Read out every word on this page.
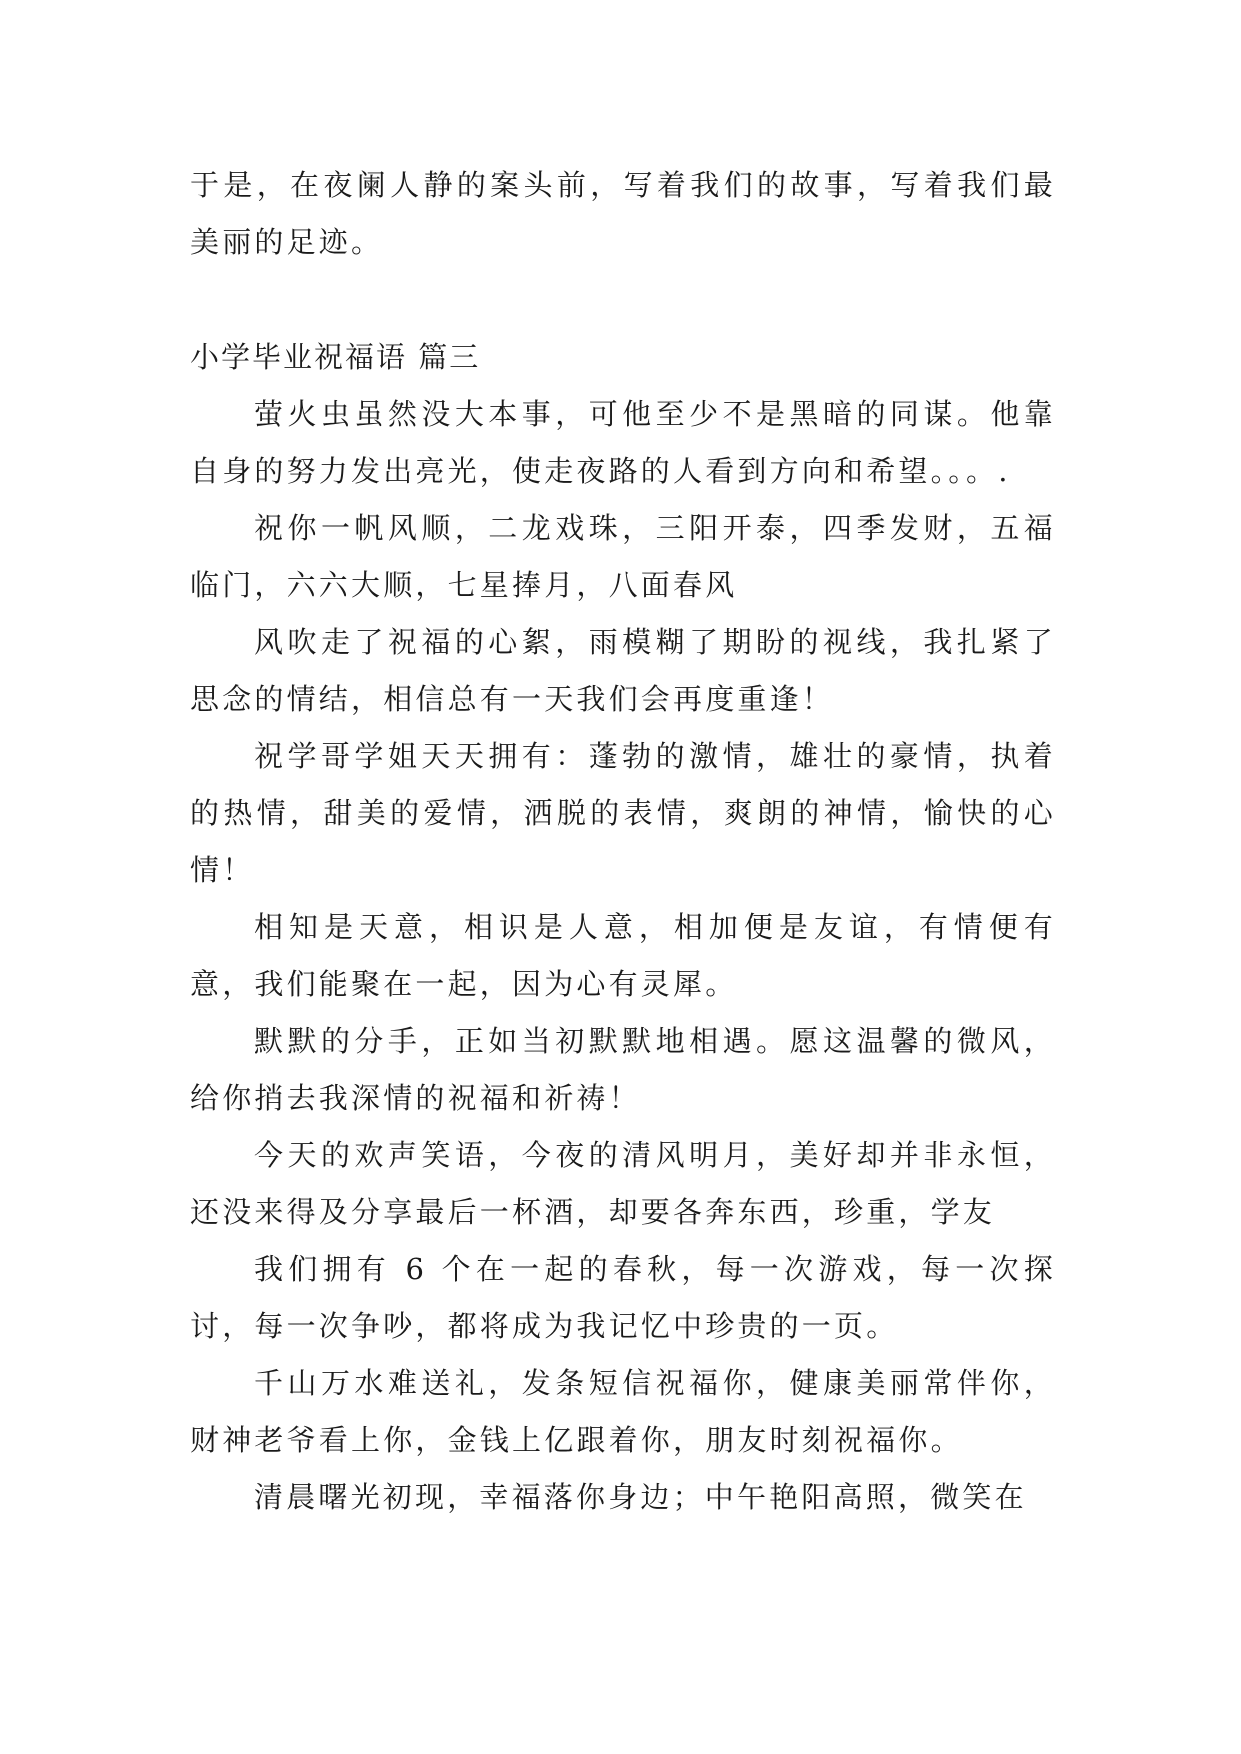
于是，在夜阑人静的案头前，写着我们的故事，写着我们最美丽的足迹。

小学毕业祝福语 篇三

萤火虫虽然没大本事，可他至少不是黑暗的同谋。他靠自身的努力发出亮光，使走夜路的人看到方向和希望。。。.

祝你一帆风顺，二龙戏珠，三阳开泰，四季发财，五福临门，六六大顺，七星捧月，八面春风

风吹走了祝福的心絮，雨模糊了期盼的视线，我扎紧了思念的情结，相信总有一天我们会再度重逢！

祝学哥学姐天天拥有：蓬勃的激情，雄壮的豪情，执着的热情，甜美的爱情，洒脱的表情，爽朗的神情，愉快的心情！

相知是天意，相识是人意，相加便是友谊，有情便有意，我们能聚在一起，因为心有灵犀。

默默的分手，正如当初默默地相遇。愿这温馨的微风，给你捎去我深情的祝福和祈祷！

今天的欢声笑语，今夜的清风明月，美好却并非永恒，还没来得及分享最后一杯酒，却要各奔东西，珍重，学友

我们拥有 6 个在一起的春秋，每一次游戏，每一次探讨，每一次争吵，都将成为我记忆中珍贵的一页。

千山万水难送礼，发条短信祝福你，健康美丽常伴你，财神老爷看上你，金钱上亿跟着你，朋友时刻祝福你。

清晨曙光初现，幸福落你身边；中午艳阳高照，微笑在
